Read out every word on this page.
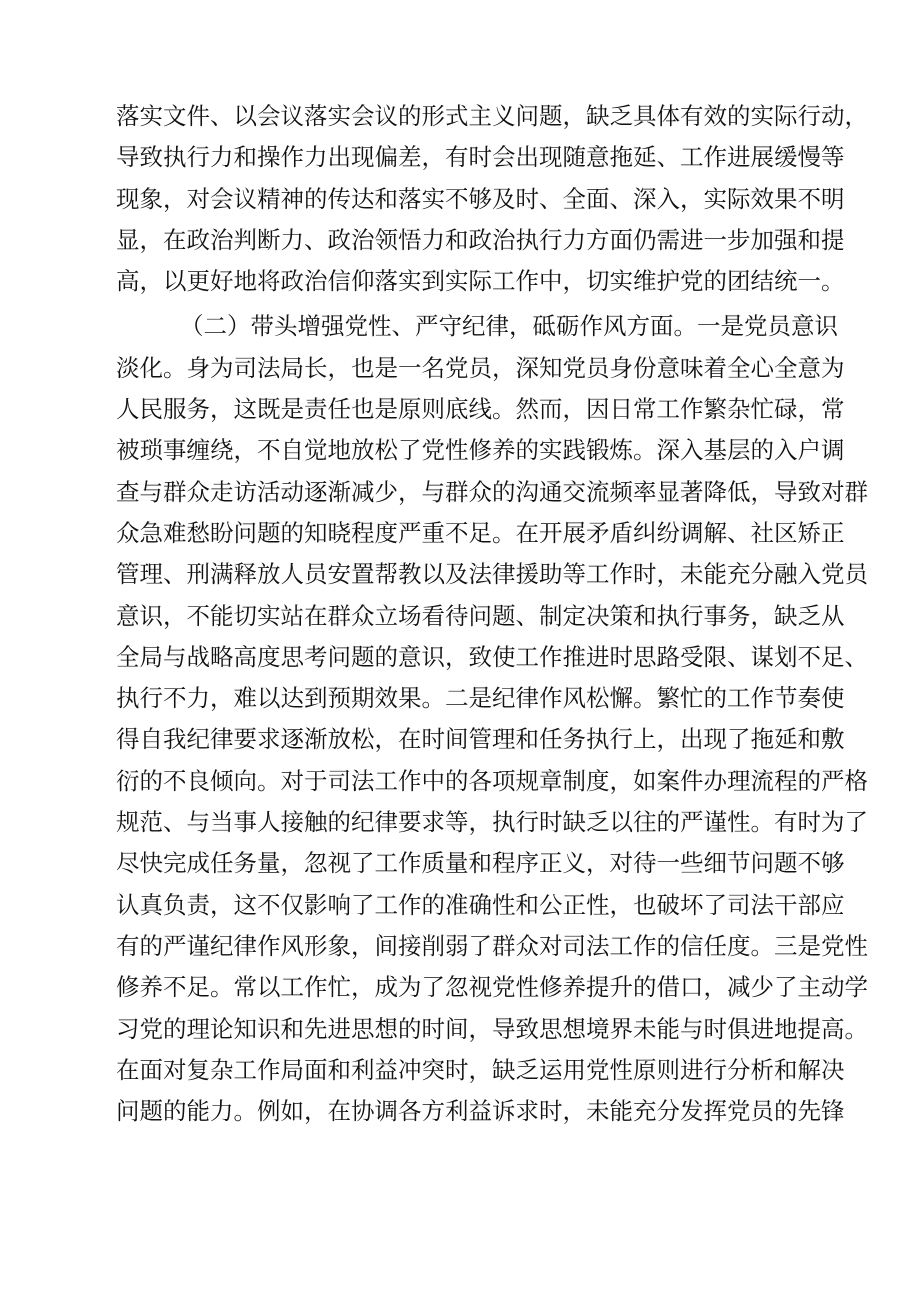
落实文件、以会议落实会议的形式主义问题，缺乏具体有效的实际行动，
导致执行力和操作力出现偏差，有时会出现随意拖延、工作进展缓慢等
现象，对会议精神的传达和落实不够及时、全面、深入，实际效果不明
显，在政治判断力、政治领悟力和政治执行力方面仍需进一步加强和提
高，以更好地将政治信仰落实到实际工作中，切实维护党的团结统一。
（二）带头增强党性、严守纪律，砥砺作风方面。一是党员意识
淡化。身为司法局长，也是一名党员，深知党员身份意味着全心全意为
人民服务，这既是责任也是原则底线。然而，因日常工作繁杂忙碌，常
被琐事缠绕，不自觉地放松了党性修养的实践锻炼。深入基层的入户调
查与群众走访活动逐渐减少，与群众的沟通交流频率显著降低，导致对群
众急难愁盼问题的知晓程度严重不足。在开展矛盾纠纷调解、社区矫正
管理、刑满释放人员安置帮教以及法律援助等工作时，未能充分融入党员
意识，不能切实站在群众立场看待问题、制定决策和执行事务，缺乏从
全局与战略高度思考问题的意识，致使工作推进时思路受限、谋划不足、
执行不力，难以达到预期效果。二是纪律作风松懈。繁忙的工作节奏使
得自我纪律要求逐渐放松，在时间管理和任务执行上，出现了拖延和敷
衍的不良倾向。对于司法工作中的各项规章制度，如案件办理流程的严格
规范、与当事人接触的纪律要求等，执行时缺乏以往的严谨性。有时为了
尽快完成任务量，忽视了工作质量和程序正义，对待一些细节问题不够
认真负责，这不仅影响了工作的准确性和公正性，也破坏了司法干部应
有的严谨纪律作风形象，间接削弱了群众对司法工作的信任度。三是党性
修养不足。常以工作忙，成为了忽视党性修养提升的借口，减少了主动学
习党的理论知识和先进思想的时间，导致思想境界未能与时俱进地提高。
在面对复杂工作局面和利益冲突时，缺乏运用党性原则进行分析和解决
问题的能力。例如，在协调各方利益诉求时，未能充分发挥党员的先锋
